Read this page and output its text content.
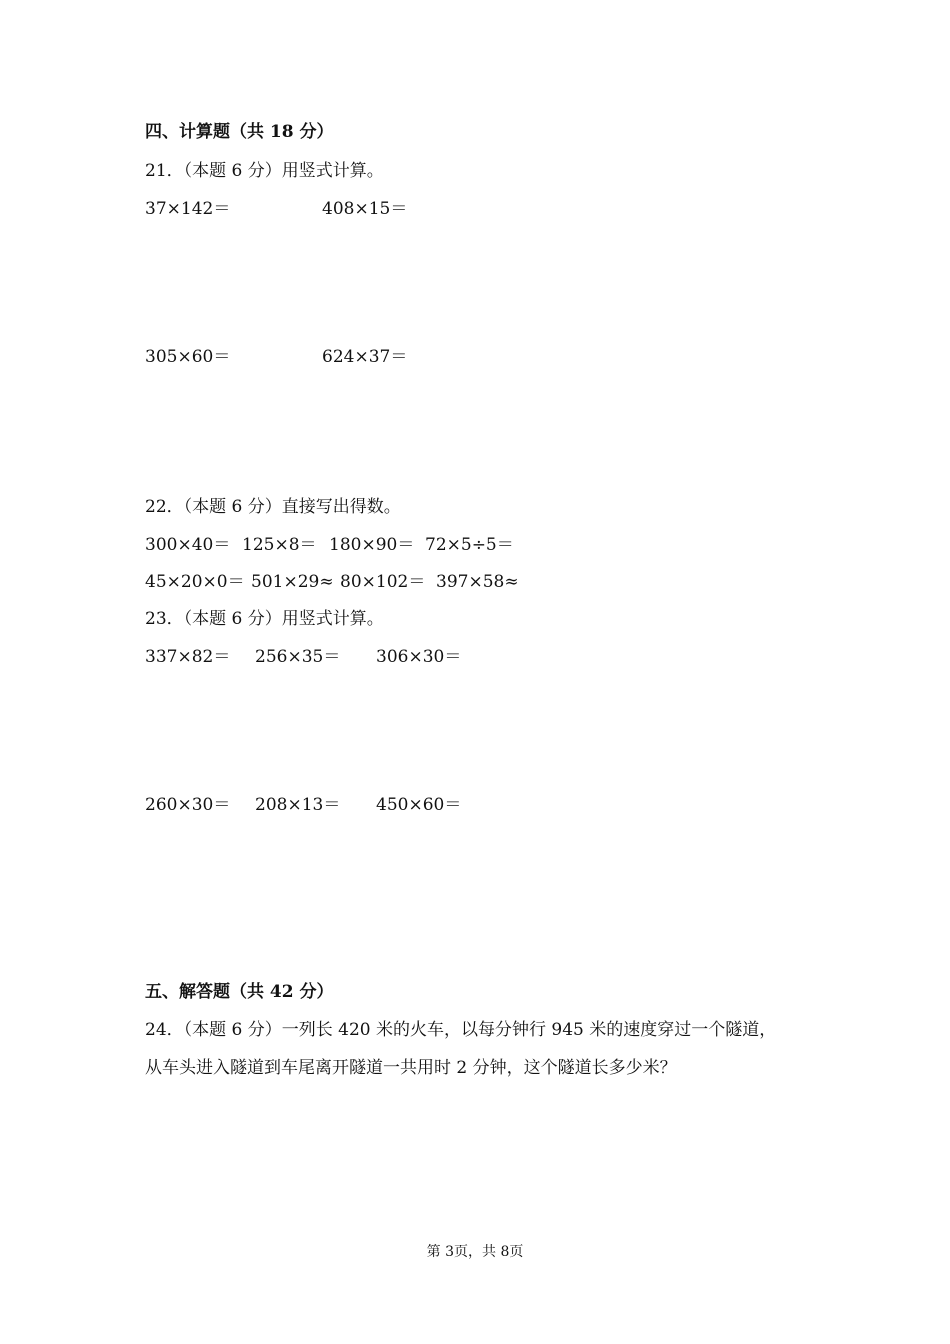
四、计算题（共 18 分）
21．（本题 6 分）用竖式计算。
37×142＝	408×15＝
305×60＝	624×37＝
22．（本题 6 分）直接写出得数。
300×40＝ 125×8＝ 180×90＝ 72×5÷5＝
45×20×0＝ 501×29≈ 80×102＝ 397×58≈
23．（本题 6 分）用竖式计算。
337×82＝ 256×35＝ 306×30＝
260×30＝ 208×13＝ 450×60＝
五、解答题（共 42 分）
24．（本题 6 分）一列长 420 米的火车，以每分钟行 945 米的速度穿过一个隧道，
从车头进入隧道到车尾离开隧道一共用时 2 分钟，这个隧道长多少米？
第 3页，共 8页
